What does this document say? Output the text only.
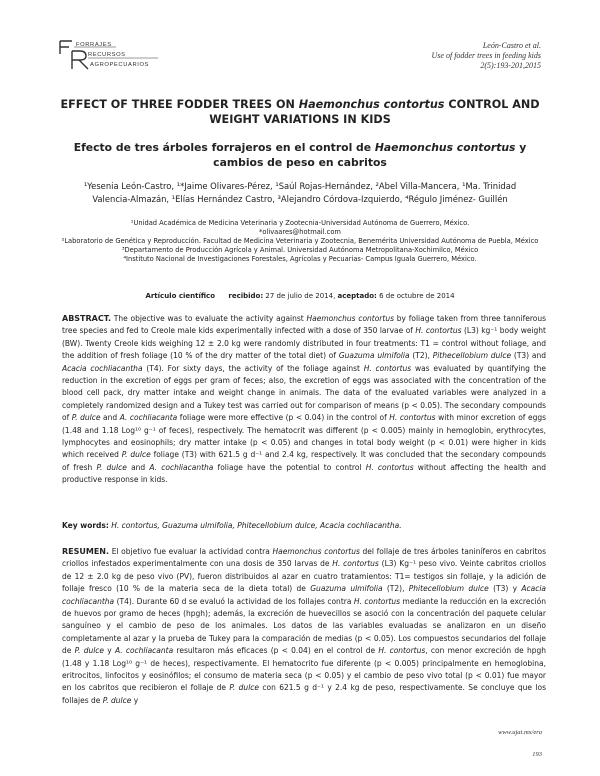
FORRAJES
RECURSOS
AGROPECUARIOS
León-Castro et al.
Use of fodder trees in feeding kids
2(5):193-201,2015
EFFECT OF THREE FODDER TREES ON Haemonchus contortus CONTROL AND WEIGHT VARIATIONS IN KIDS
Efecto de tres árboles forrajeros en el control de Haemonchus contortus y cambios de peso en cabritos
¹Yesenia León-Castro, ¹*Jaime Olivares-Pérez, ¹Saúl Rojas-Hernández, ²Abel Villa-Mancera, ¹Ma. Trinidad
Valencia-Almazán, ¹Elías Hernández Castro, ³Alejandro Córdova-Izquierdo, ⁴Régulo Jiménez- Guillén
¹Unidad Académica de Medicina Veterinaria y Zootecnia-Universidad Autónoma de Guerrero, México.
*olivaares@hotmail.com
²Laboratorio de Genética y Reproducción. Facultad de Medicina Veterinaria y Zootecnia, Benemérita Universidad Autónoma de Puebla, México
³Departamento de Producción Agrícola y Animal. Universidad Autónoma Metropolitana-Xochimilco, México
⁴Instituto Nacional de Investigaciones Forestales, Agrícolas y Pecuarias- Campus Iguala Guerrero, México.
Artículo científico recibido: 27 de julio de 2014, aceptado: 6 de octubre de 2014

ABSTRACT. The objective was to evaluate the activity against Haemonchus contortus by foliage taken from three tanniferous tree species and fed to Creole male kids experimentally infected with a dose of 350 larvae of H. contortus (L3) kg⁻¹ body weight (BW). Twenty Creole kids weighing 12 ± 2.0 kg were randomly distributed in four treatments: T1 = control without foliage, and the addition of fresh foliage (10 % of the dry matter of the total diet) of Guazuma ulmifolia (T2), Pithecellobium dulce (T3) and Acacia cochliacantha (T4). For sixty days, the activity of the foliage against H. contortus was evaluated by quantifying the reduction in the excretion of eggs per gram of feces; also, the excretion of eggs was associated with the concentration of the blood cell pack, dry matter intake and weight change in animals. The data of the evaluated variables were analyzed in a completely randomized design and a Tukey test was carried out for comparison of means (p < 0.05). The secondary compounds of P. dulce and A. cochliacanta foliage were more effective (p < 0.04) in the control of H. contortus with minor excretion of eggs (1.48 and 1.18 Log¹⁰ g⁻¹ of feces), respectively. The hematocrit was different (p < 0.005) mainly in hemoglobin, erythrocytes, lymphocytes and eosinophils; dry matter intake (p < 0.05) and changes in total body weight (p < 0.01) were higher in kids which received P. dulce foliage (T3) with 621.5 g d⁻¹ and 2.4 kg, respectively. It was concluded that the secondary compounds of fresh P. dulce and A. cochliacantha foliage have the potential to control H. contortus without affecting the health and productive response in kids.

Key words: H. contortus, Guazuma ulmifolia, Phitecellobium dulce, Acacia cochliacantha.

RESUMEN. El objetivo fue evaluar la actividad contra Haemonchus contortus del follaje de tres árboles taniníferos en cabritos criollos infestados experimentalmente con una dosis de 350 larvas de H. contortus (L3) Kg⁻¹ peso vivo. Veinte cabritos criollos de 12 ± 2.0 kg de peso vivo (PV), fueron distribuidos al azar en cuatro tratamientos: T1= testigos sin follaje, y la adición de follaje fresco (10 % de la materia seca de la dieta total) de Guazuma ulmifolia (T2), Phitecellobium dulce (T3) y Acacia cochliacantha (T4). Durante 60 d se evaluó la actividad de los follajes contra H. contortus mediante la reducción en la excreción de huevos por gramo de heces (hpgh); además, la excreción de huevecillos se asoció con la concentración del paquete celular sanguíneo y el cambio de peso de los animales. Los datos de las variables evaluadas se analizaron en un diseño completamente al azar y la prueba de Tukey para la comparación de medias (p < 0.05). Los compuestos secundarios del follaje de P. dulce y A. cochliacanta resultaron más eficaces (p < 0.04) en el control de H. contortus, con menor excreción de hpgh (1.48 y 1.18 Log¹⁰ g⁻¹ de heces), respectivamente. El hematocrito fue diferente (p < 0.005) principalmente en hemoglobina, eritrocitos, linfocitos y eosinófilos; el consumo de materia seca (p < 0.05) y el cambio de peso vivo total (p < 0.01) fue mayor en los cabritos que recibieron el follaje de P. dulce con 621.5 g d⁻¹ y 2.4 kg de peso, respectivamente. Se concluye que los follajes de P. dulce y

www.ujat.mx/era
193
